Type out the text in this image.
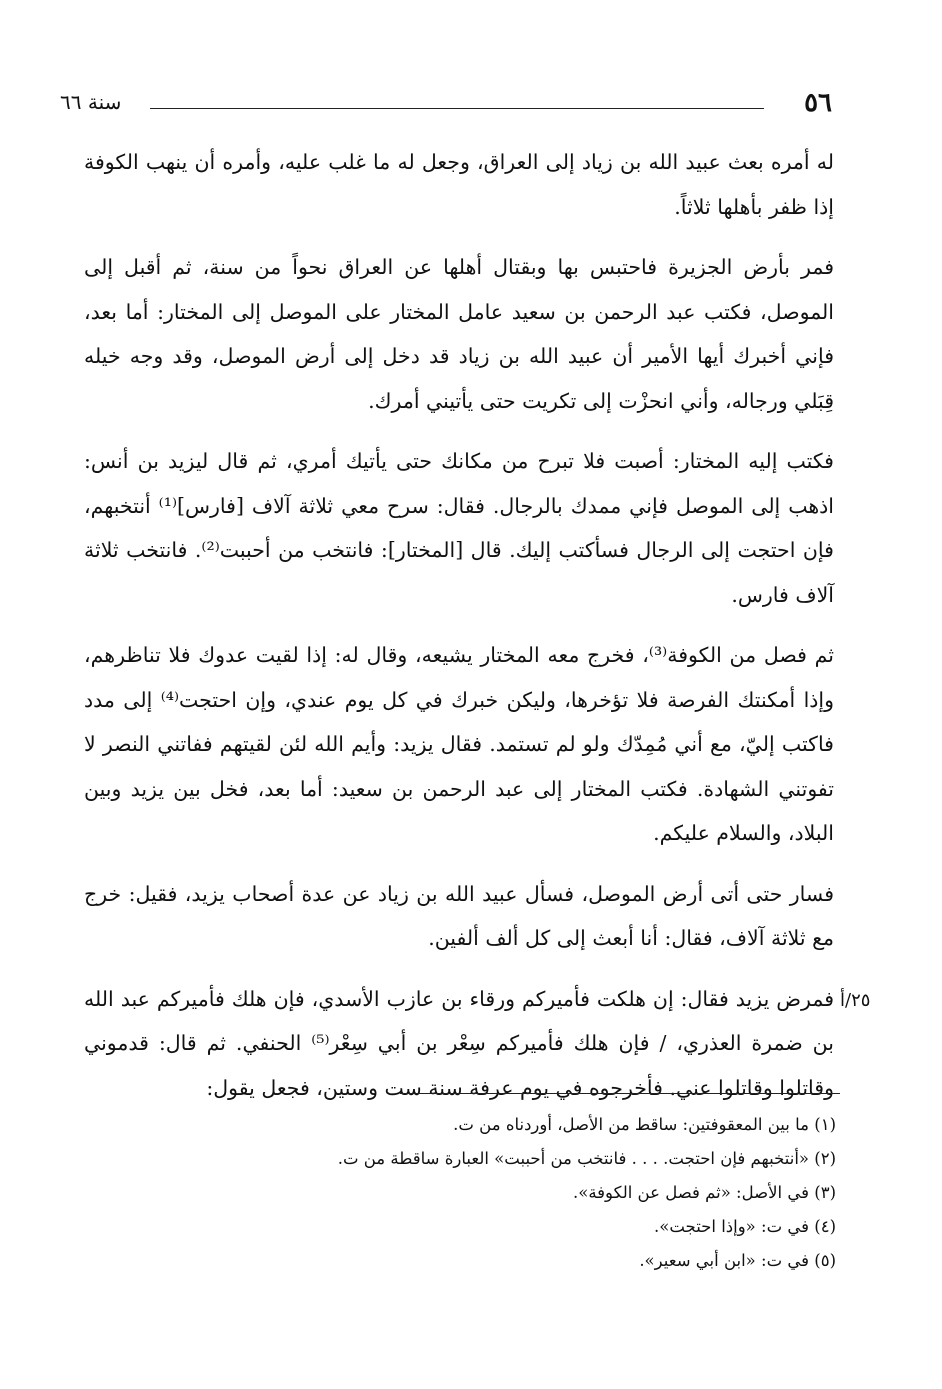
٥٦
سنة ٦٦

له أمره بعث عبيد الله بن زياد إلى العراق، وجعل له ما غلب عليه، وأمره أن ينهب الكوفة إذا ظفر بأهلها ثلاثاً.

فمر بأرض الجزيرة فاحتبس بها وبقتال أهلها عن العراق نحواً من سنة، ثم أقبل إلى الموصل، فكتب عبد الرحمن بن سعيد عامل المختار على الموصل إلى المختار: أما بعد، فإني أخبرك أيها الأمير أن عبيد الله بن زياد قد دخل إلى أرض الموصل، وقد وجه خيله قِبَلي ورجاله، وأني انحزْت إلى تكريت حتى يأتيني أمرك.

فكتب إليه المختار: أصبت فلا تبرح من مكانك حتى يأتيك أمري، ثم قال ليزيد بن أنس: اذهب إلى الموصل فإني ممدك بالرجال. فقال: سرح معي ثلاثة آلاف [فارس]⁽¹⁾ أنتخبهم، فإن احتجت إلى الرجال فسأكتب إليك. قال [المختار]: فانتخب من أحببت⁽²⁾. فانتخب ثلاثة آلاف فارس.

ثم فصل من الكوفة⁽³⁾، فخرج معه المختار يشيعه، وقال له: إذا لقيت عدوك فلا تناظرهم، وإذا أمكنتك الفرصة فلا تؤخرها، وليكن خبرك في كل يوم عندي، وإن احتجت⁽⁴⁾ إلى مدد فاكتب إليّ، مع أني مُمِدّك ولو لم تستمد. فقال يزيد: وأيم الله لئن لقيتهم ففاتني النصر لا تفوتني الشهادة. فكتب المختار إلى عبد الرحمن بن سعيد: أما بعد، فخل بين يزيد وبين البلاد، والسلام عليكم.

فسار حتى أتى أرض الموصل، فسأل عبيد الله بن زياد عن عدة أصحاب يزيد، فقيل: خرج مع ثلاثة آلاف، فقال: أنا أبعث إلى كل ألف ألفين.

فمرض يزيد فقال: إن هلكت فأميركم ورقاء بن عازب الأسدي، فإن هلك فأميركم عبد الله بن ضمرة العذري، / فإن هلك فأميركم سِعْر بن أبي سِعْر⁽⁵⁾ الحنفي. ثم قال: قدموني وقاتلوا وقاتلوا عني. فأخرجوه في يوم عرفة سنة ست وستين، فجعل يقول:

٢٥/أ

(١) ما بين المعقوفتين: ساقط من الأصل، أوردناه من ت.

(٢) «أنتخبهم فإن احتجت. . . . فانتخب من أحببت» العبارة ساقطة من ت.

(٣) في الأصل: «ثم فصل عن الكوفة».

(٤) في ت: «وإذا احتجت».

(٥) في ت: «ابن أبي سعير».
